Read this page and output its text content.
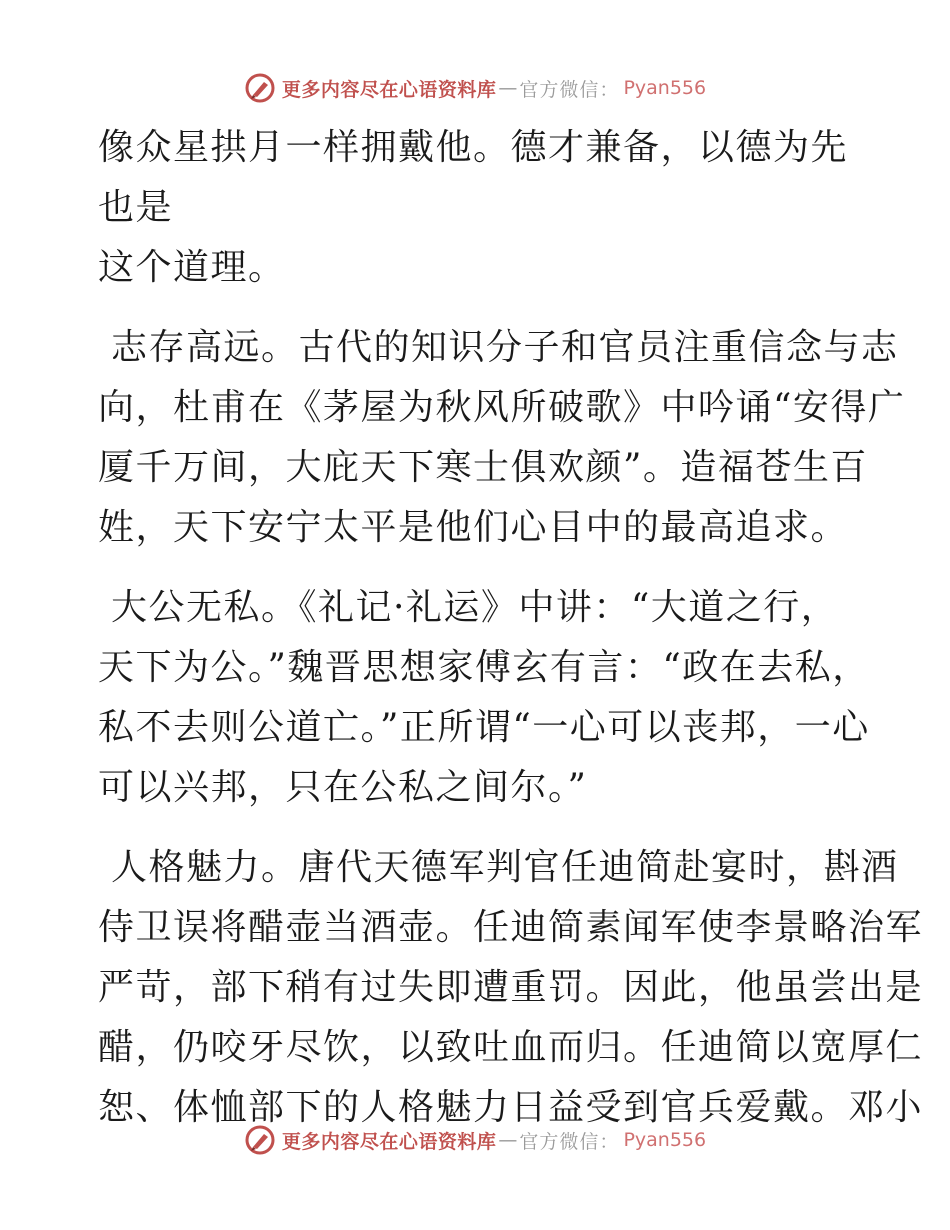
更多内容尽在心语资料库 — 官方微信： Pyan556

像众星拱月一样拥戴他。德才兼备，以德为先也是
这个道理。

志存高远。古代的知识分子和官员注重信念与志
向，杜甫在《茅屋为秋风所破歌》中吟诵“安得广
厦千万间，大庇天下寒士俱欢颜”。造福苍生百
姓，天下安宁太平是他们心目中的最高追求。

大公无私。《礼记·礼运》中讲：“大道之行，
天下为公。”魏晋思想家傅玄有言：“政在去私，
私不去则公道亡。”正所谓“一心可以丧邦，一心
可以兴邦，只在公私之间尔。”

人格魅力。唐代天德军判官任迪简赴宴时，斟酒
侍卫误将醋壶当酒壶。任迪简素闻军使李景略治军
严苛，部下稍有过失即遭重罚。因此，他虽尝出是
醋，仍咬牙尽饮，以致吐血而归。任迪简以宽厚仁
恕、体恤部下的人格魅力日益受到官兵爱戴。邓小

更多内容尽在心语资料库 — 官方微信： Pyan556
